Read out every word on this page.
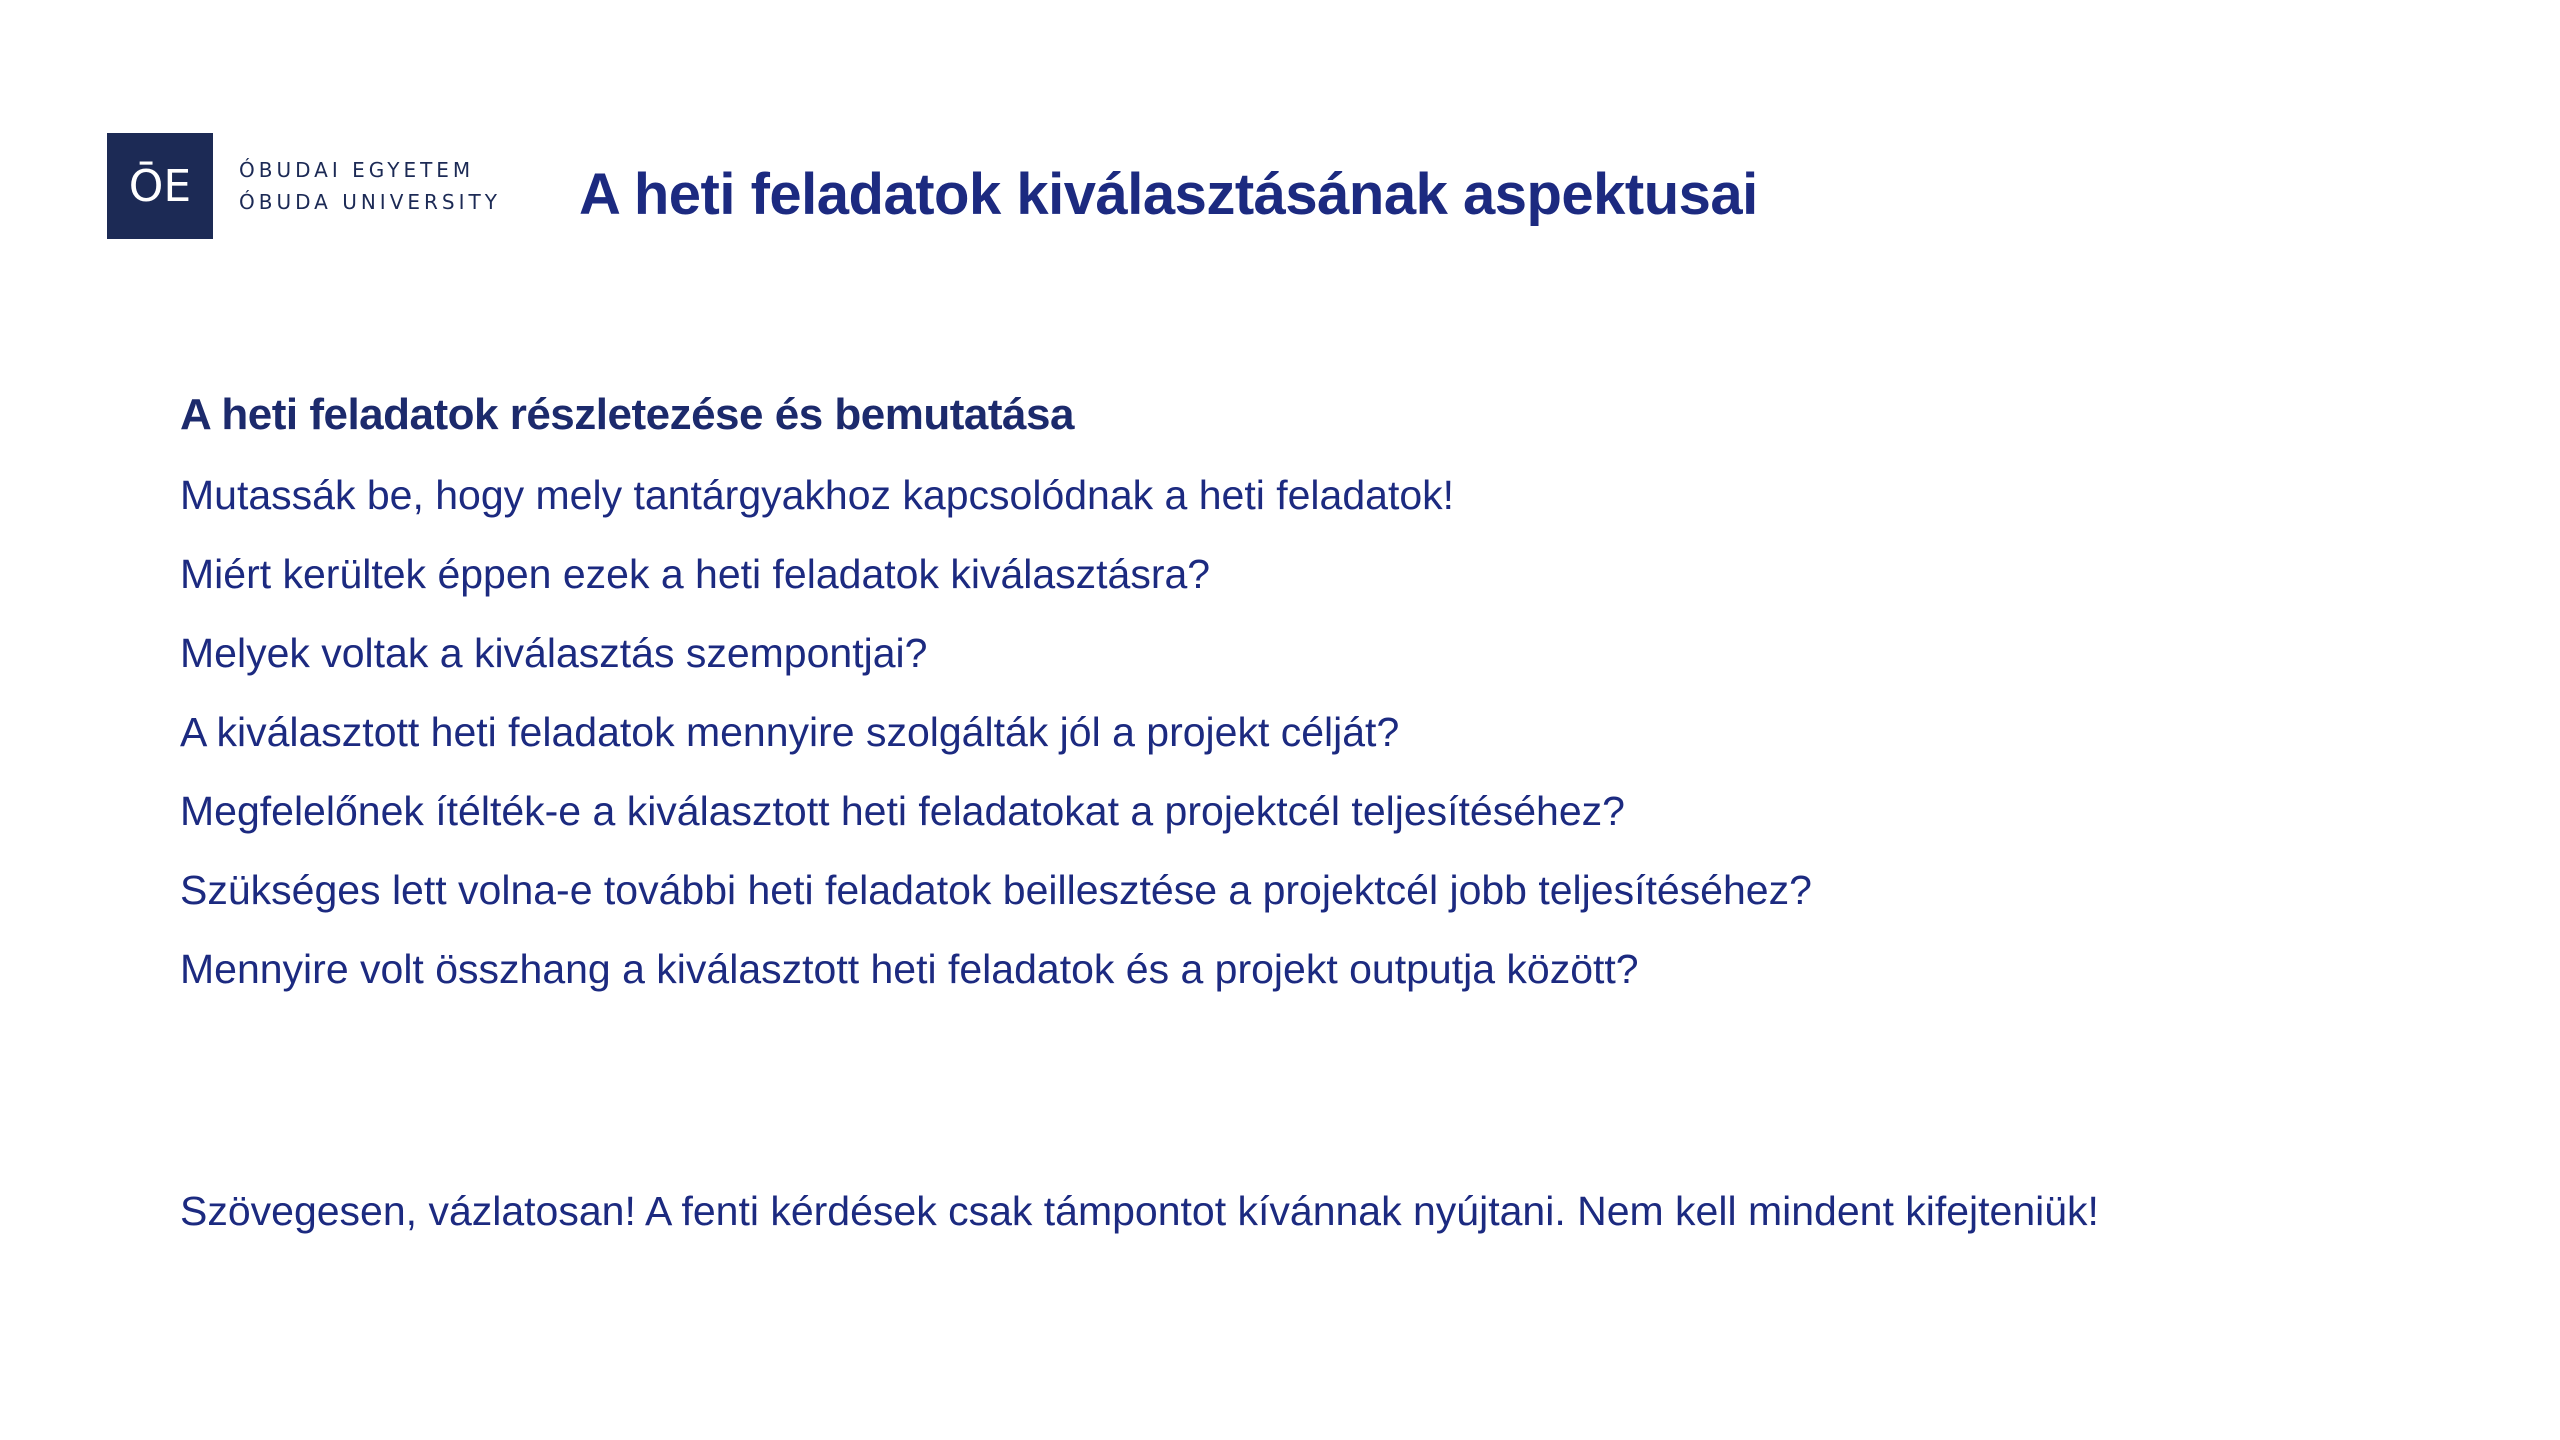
ŌE	ÓBUDAI EGYETEM
ÓBUDA UNIVERSITY A heti feladatok kiválasztásának aspektusai
A heti feladatok részletezése és bemutatása
Mutassák be, hogy mely tantárgyakhoz kapcsolódnak a heti feladatok!
Miért kerültek éppen ezek a heti feladatok kiválasztásra?
Melyek voltak a kiválasztás szempontjai?
A kiválasztott heti feladatok mennyire szolgálták jól a projekt célját?
Megfelelőnek ítélték-e a kiválasztott heti feladatokat a projektcél teljesítéséhez?
Szükséges lett volna-e további heti feladatok beillesztése a projektcél jobb teljesítéséhez?
Mennyire volt összhang a kiválasztott heti feladatok és a projekt outputja között?
Szövegesen, vázlatosan! A fenti kérdések csak támpontot kívánnak nyújtani. Nem kell mindent kifejteniük!
